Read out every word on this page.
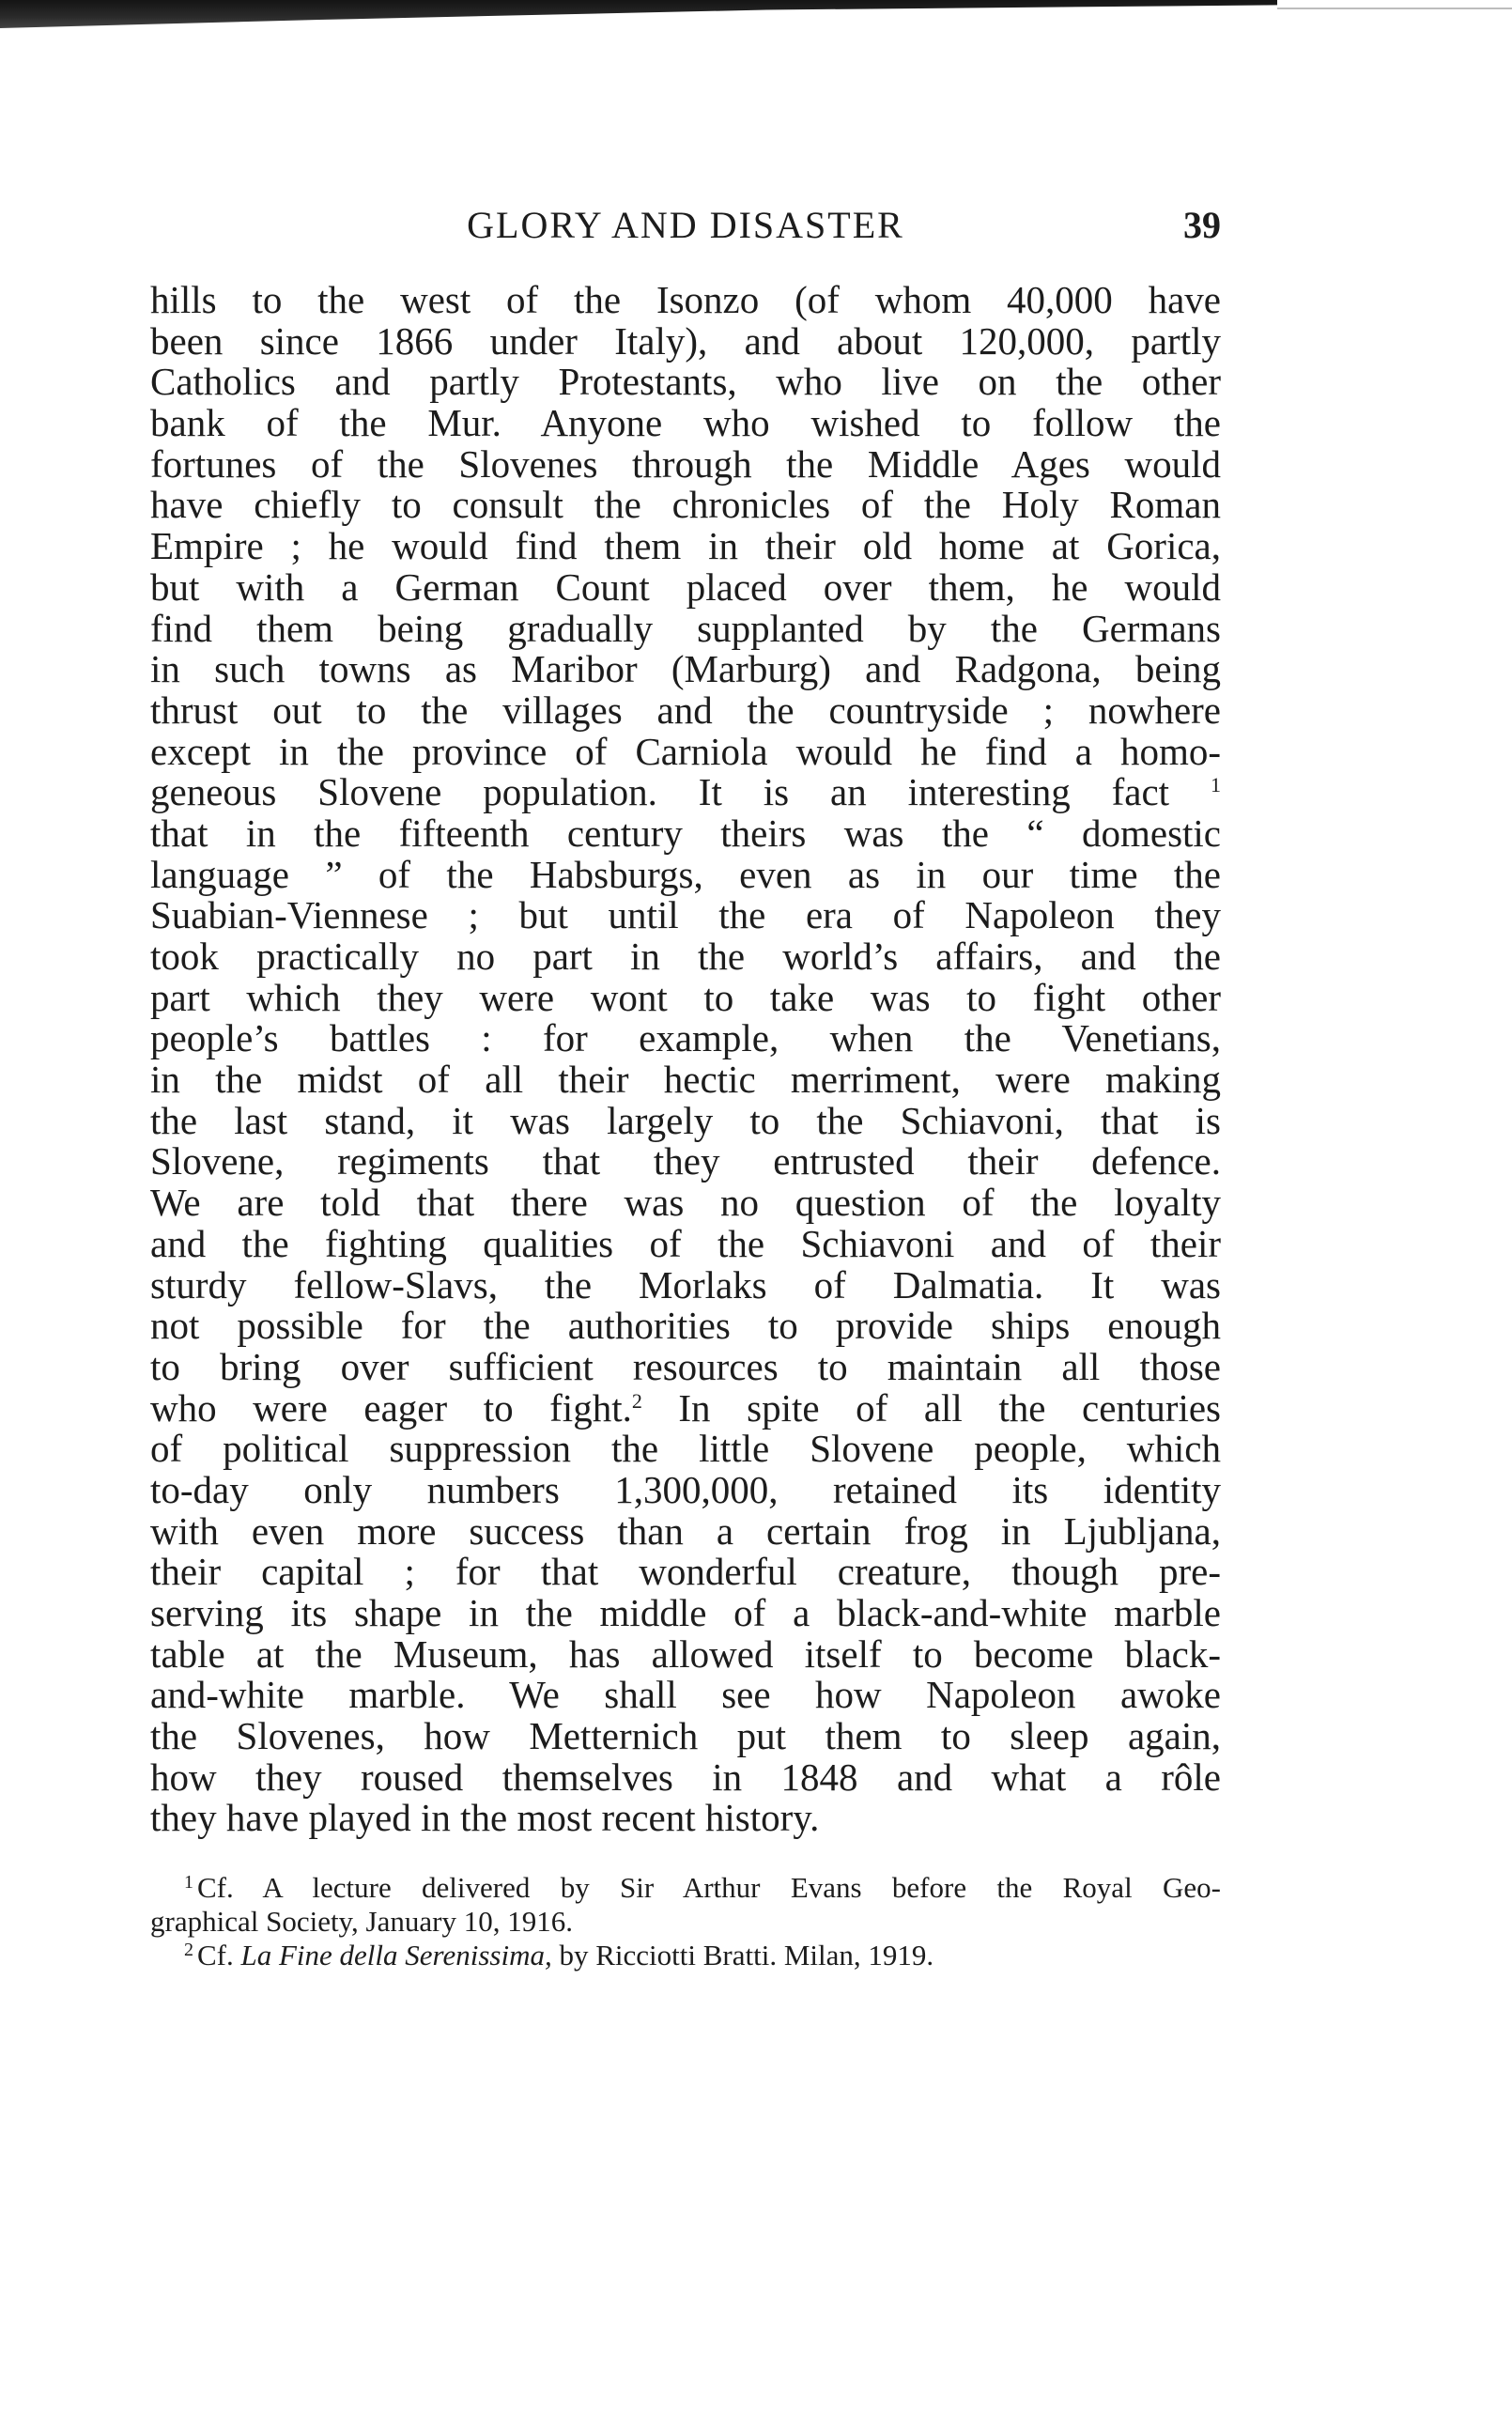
GLORY AND DISASTER	39
hills to the west of the Isonzo (of whom 40,000 have
been since 1866 under Italy), and about 120,000, partly
Catholics and partly Protestants, who live on the other
bank of the Mur. Anyone who wished to follow the
fortunes of the Slovenes through the Middle Ages would
have chiefly to consult the chronicles of the Holy Roman
Empire ; he would find them in their old home at Gorica,
but with a German Count placed over them, he would
find them being gradually supplanted by the Germans
in such towns as Maribor (Marburg) and Radgona, being
thrust out to the villages and the countryside ; nowhere
except in the province of Carniola would he find a homo-
geneous Slovene population. It is an interesting fact $^1$
that in the fifteenth century theirs was the “ domestic
language ” of the Habsburgs, even as in our time the
Suabian-Viennese ; but until the era of Napoleon they
took practically no part in the world’s affairs, and the
part which they were wont to take was to fight other
people’s battles : for example, when the Venetians,
in the midst of all their hectic merriment, were making
the last stand, it was largely to the Schiavoni, that is
Slovene, regiments that they entrusted their defence.
We are told that there was no question of the loyalty
and the fighting qualities of the Schiavoni and of their
sturdy fellow-Slavs, the Morlaks of Dalmatia. It was
not possible for the authorities to provide ships enough
to bring over sufficient resources to maintain all those
who were eager to fight.$^2$ In spite of all the centuries
of political suppression the little Slovene people, which
to-day only numbers 1,300,000, retained its identity
with even more success than a certain frog in Ljubljana,
their capital ; for that wonderful creature, though pre-
serving its shape in the middle of a black-and-white marble
table at the Museum, has allowed itself to become black-
and-white marble. We shall see how Napoleon awoke
the Slovenes, how Metternich put them to sleep again,
how they roused themselves in 1848 and what a rôle
they have played in the most recent history.
$^1$ Cf. A lecture delivered by Sir Arthur Evans before the Royal Geo-
graphical Society, January 10, 1916.
$^2$ Cf. La Fine della Serenissima, by Ricciotti Bratti. Milan, 1919.
